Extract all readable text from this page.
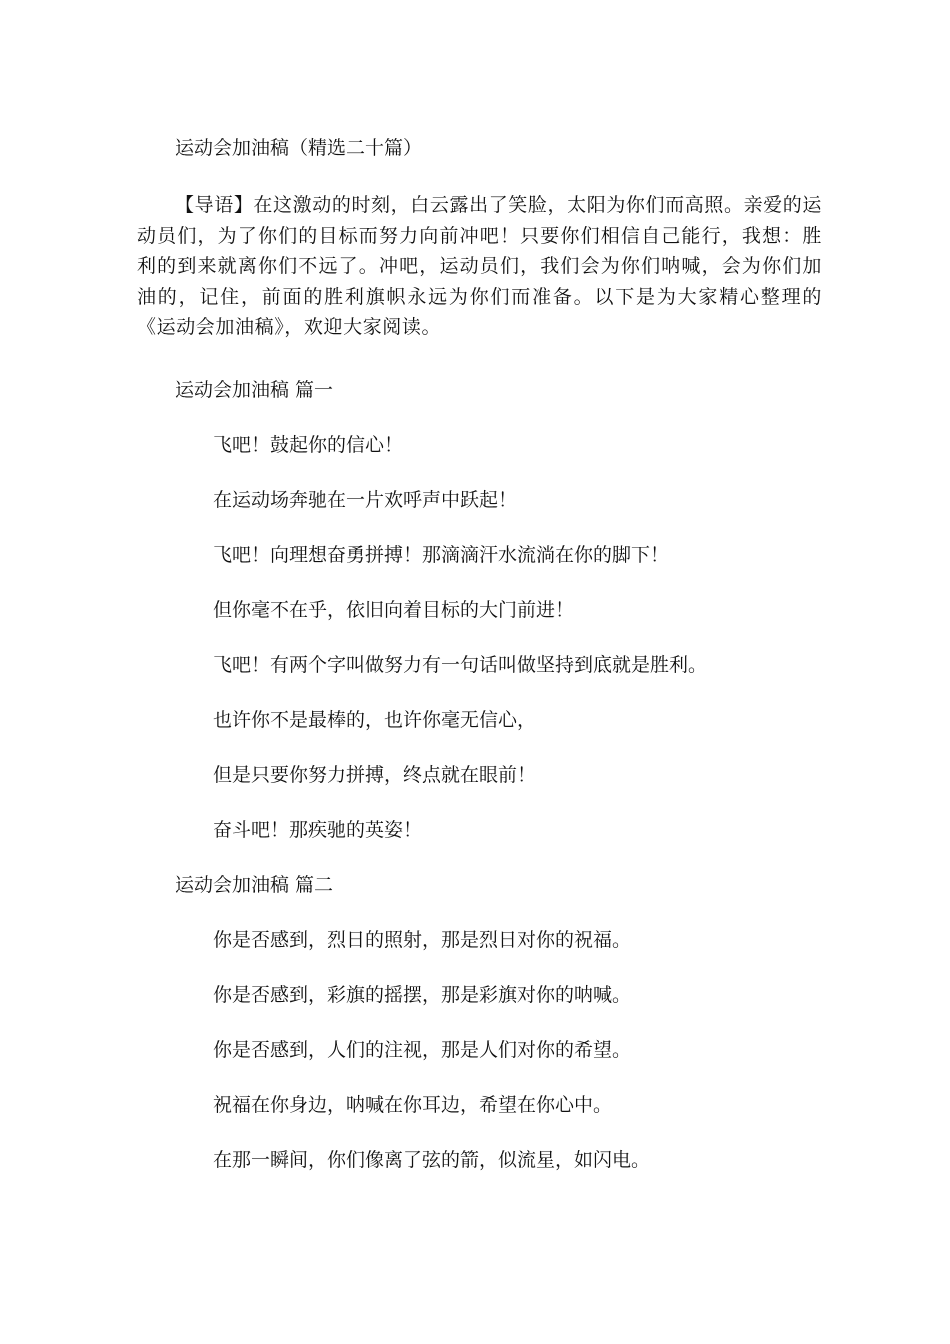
运动会加油稿（精选二十篇）

【导语】在这激动的时刻，白云露出了笑脸，太阳为你们而高照。亲爱的运动员们，为了你们的目标而努力向前冲吧！只要你们相信自己能行，我想：胜利的到来就离你们不远了。冲吧，运动员们，我们会为你们呐喊，会为你们加油的，记住，前面的胜利旗帜永远为你们而准备。以下是为大家精心整理的《运动会加油稿》，欢迎大家阅读。

运动会加油稿 篇一
飞吧！鼓起你的信心！
在运动场奔驰在一片欢呼声中跃起！
飞吧！向理想奋勇拼搏！那滴滴汗水流淌在你的脚下！
但你毫不在乎，依旧向着目标的大门前进！
飞吧！有两个字叫做努力有一句话叫做坚持到底就是胜利。
也许你不是最棒的，也许你毫无信心，
但是只要你努力拼搏，终点就在眼前！
奋斗吧！那疾驰的英姿！
运动会加油稿 篇二
你是否感到，烈日的照射，那是烈日对你的祝福。
你是否感到，彩旗的摇摆，那是彩旗对你的呐喊。
你是否感到，人们的注视，那是人们对你的希望。
祝福在你身边，呐喊在你耳边，希望在你心中。
在那一瞬间，你们像离了弦的箭，似流星，如闪电。
